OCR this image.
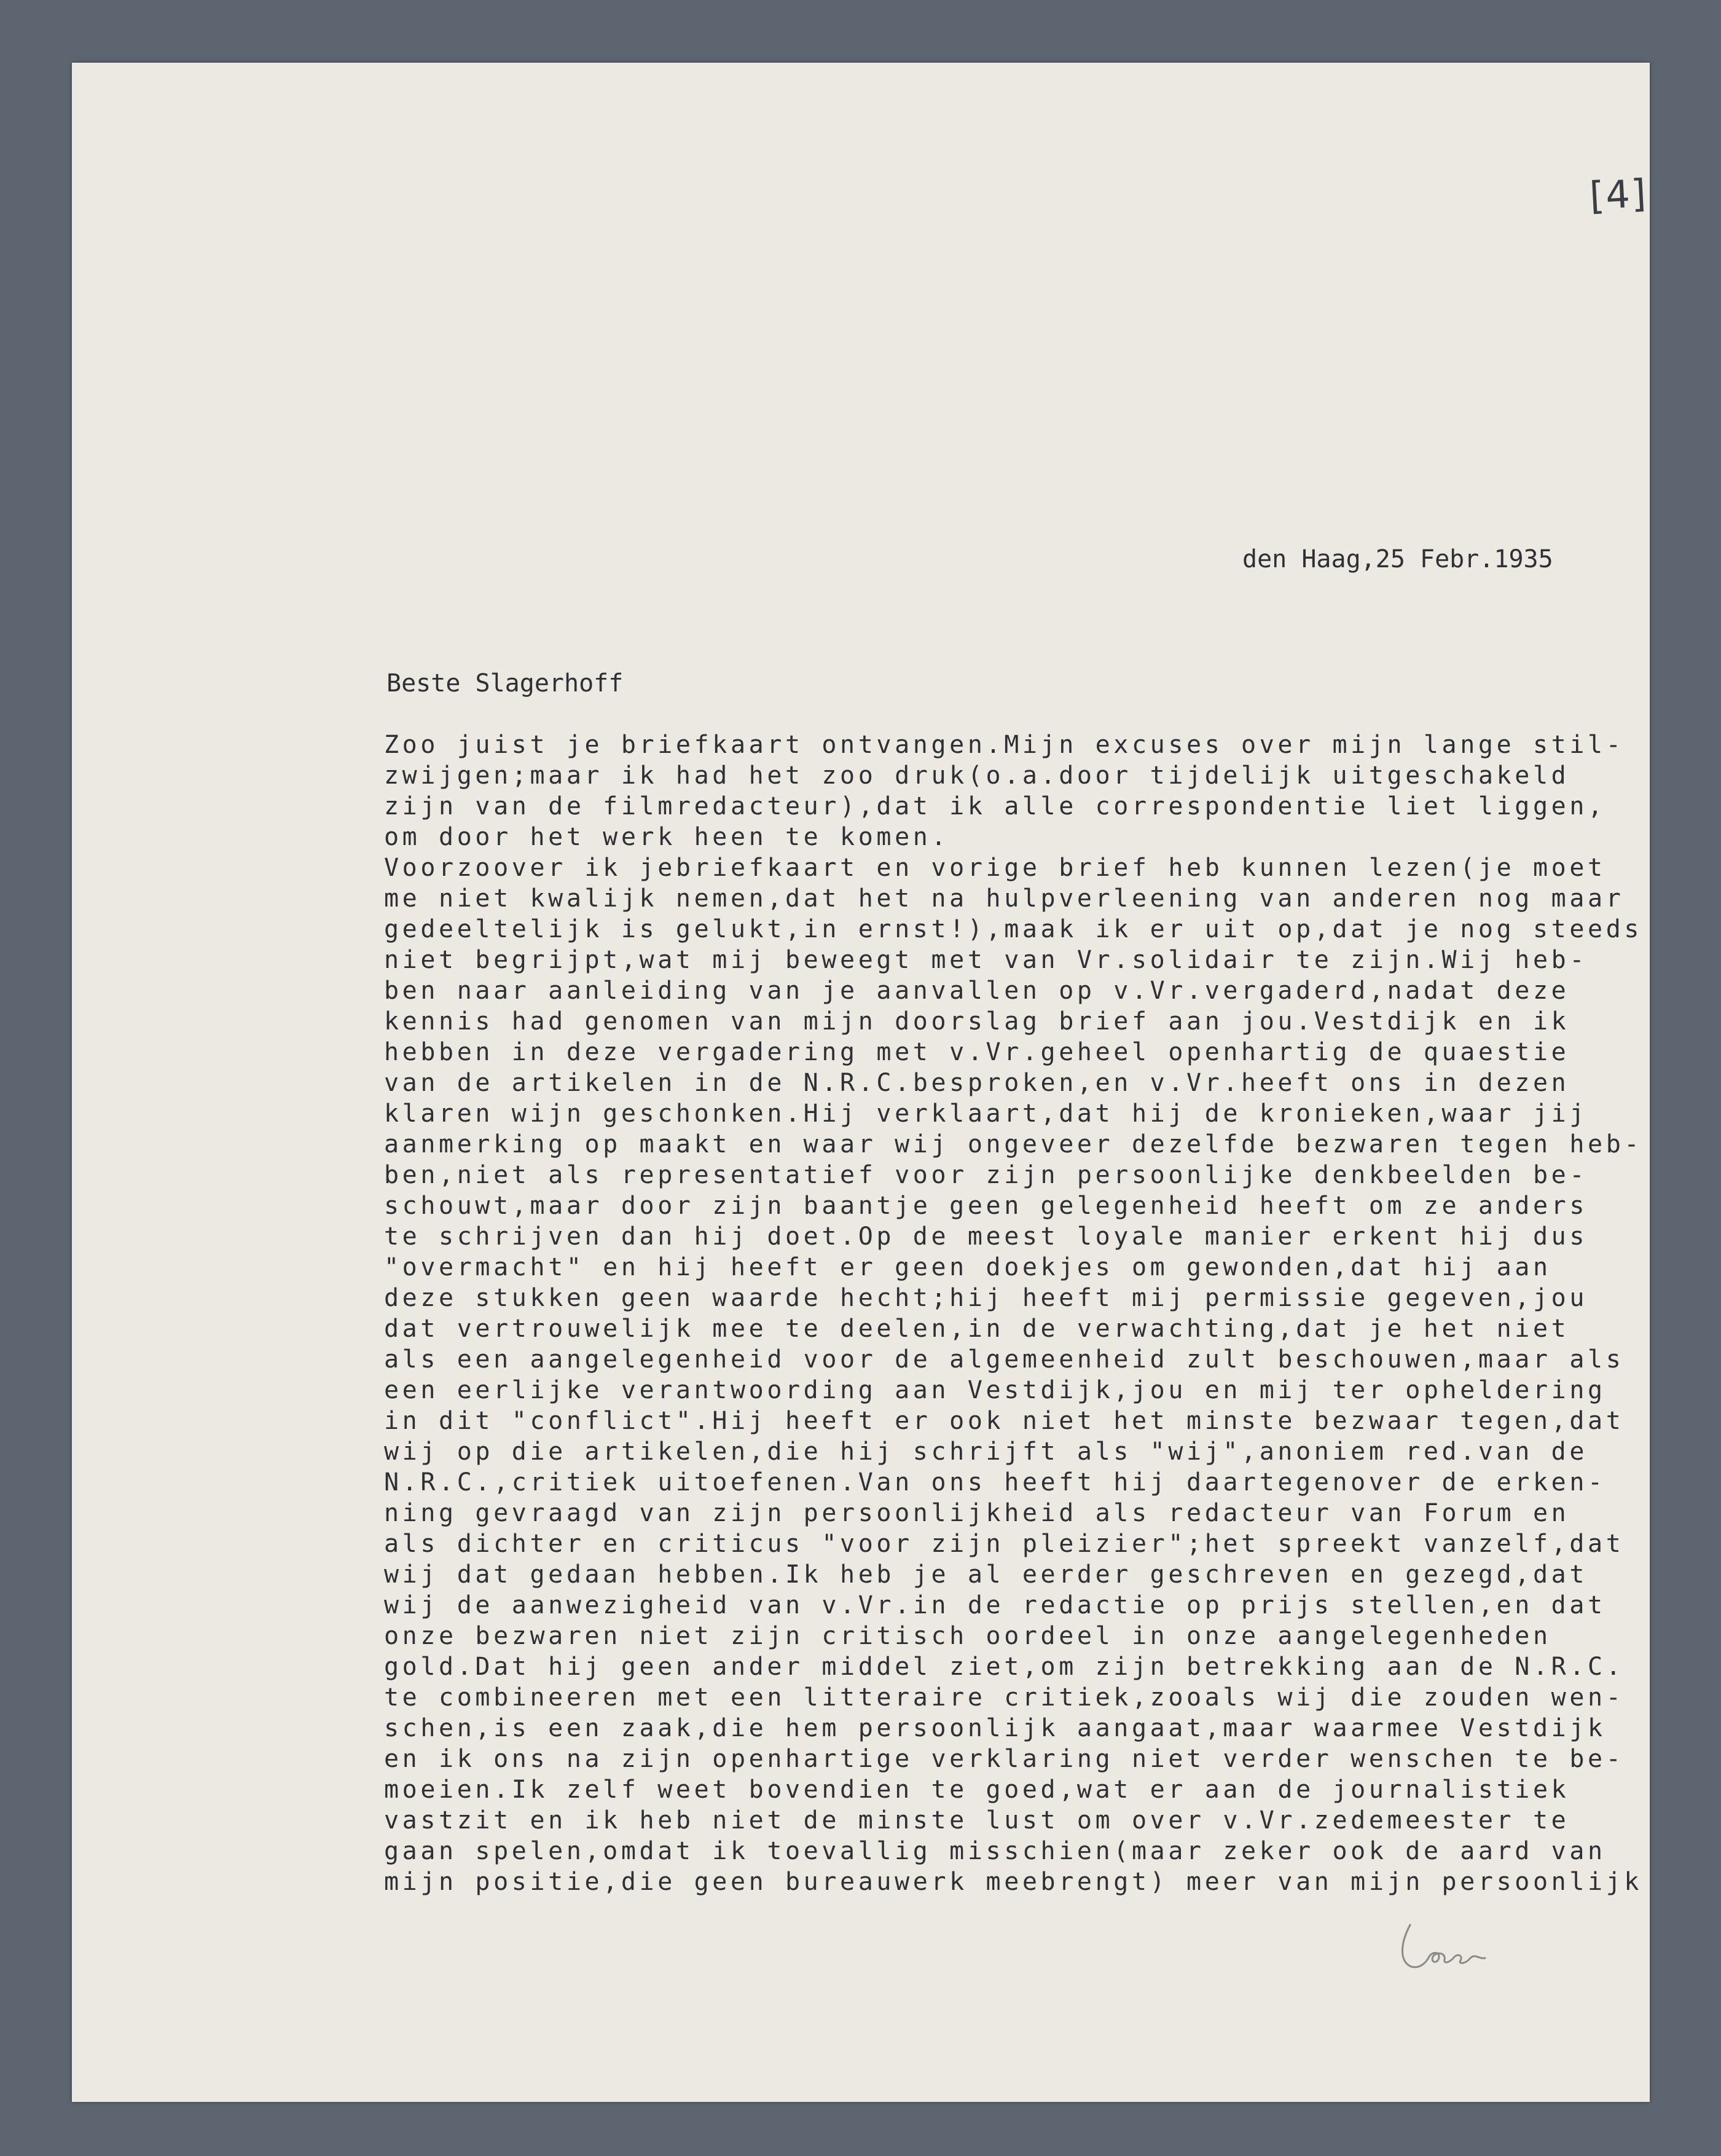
[4]
den Haag,25 Febr.1935
Beste Slagerhoff
Zoo juist je briefkaart ontvangen.Mijn excuses over mijn lange stil-
zwijgen;maar ik had het zoo druk(o.a.door tijdelijk uitgeschakeld
zijn van de filmredacteur),dat ik alle correspondentie liet liggen,
om door het werk heen te komen.
Voorzoover ik jebriefkaart en vorige brief heb kunnen lezen(je moet
me niet kwalijk nemen,dat het na hulpverleening van anderen nog maar
gedeeltelijk is gelukt,in ernst!),maak ik er uit op,dat je nog steeds
niet begrijpt,wat mij beweegt met van Vr.solidair te zijn.Wij heb-
ben naar aanleiding van je aanvallen op v.Vr.vergaderd,nadat deze
kennis had genomen van mijn doorslag brief aan jou.Vestdijk en ik
hebben in deze vergadering met v.Vr.geheel openhartig de quaestie
van de artikelen in de N.R.C.besproken,en v.Vr.heeft ons in dezen
klaren wijn geschonken.Hij verklaart,dat hij de kronieken,waar jij
aanmerking op maakt en waar wij ongeveer dezelfde bezwaren tegen heb-
ben,niet als representatief voor zijn persoonlijke denkbeelden be-
schouwt,maar door zijn baantje geen gelegenheid heeft om ze anders
te schrijven dan hij doet.Op de meest loyale manier erkent hij dus
"overmacht" en hij heeft er geen doekjes om gewonden,dat hij aan
deze stukken geen waarde hecht;hij heeft mij permissie gegeven,jou
dat vertrouwelijk mee te deelen,in de verwachting,dat je het niet
als een aangelegenheid voor de algemeenheid zult beschouwen,maar als
een eerlijke verantwoording aan Vestdijk,jou en mij ter opheldering
in dit "conflict".Hij heeft er ook niet het minste bezwaar tegen,dat
wij op die artikelen,die hij schrijft als "wij",anoniem red.van de
N.R.C.,critiek uitoefenen.Van ons heeft hij daartegenover de erken-
ning gevraagd van zijn persoonlijkheid als redacteur van Forum en
als dichter en criticus "voor zijn pleizier";het spreekt vanzelf,dat
wij dat gedaan hebben.Ik heb je al eerder geschreven en gezegd,dat
wij de aanwezigheid van v.Vr.in de redactie op prijs stellen,en dat
onze bezwaren niet zijn critisch oordeel in onze aangelegenheden
gold.Dat hij geen ander middel ziet,om zijn betrekking aan de N.R.C.
te combineeren met een litteraire critiek,zooals wij die zouden wen-
schen,is een zaak,die hem persoonlijk aangaat,maar waarmee Vestdijk
en ik ons na zijn openhartige verklaring niet verder wenschen te be-
moeien.Ik zelf weet bovendien te goed,wat er aan de journalistiek
vastzit en ik heb niet de minste lust om over v.Vr.zedemeester te
gaan spelen,omdat ik toevallig misschien(maar zeker ook de aard van
mijn positie,die geen bureauwerk meebrengt) meer van mijn persoonlijk
